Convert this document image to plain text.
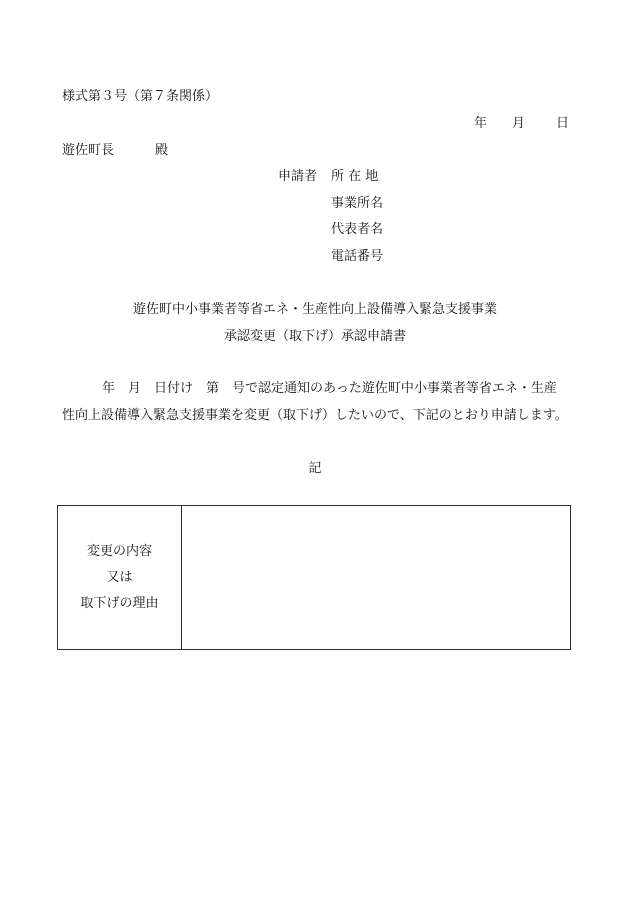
様式第３号（第７条関係）
年 月 日
遊佐町長	殿
申請者 所 在 地
事業所名
代表者名
電話番号
遊佐町中小事業者等省エネ・生産性向上設備導入緊急支援事業
承認変更（取下げ）承認申請書
年　月　日付け　第　号で認定通知のあった遊佐町中小事業者等省エネ・生産
性向上設備導入緊急支援事業を変更（取下げ）したいので、下記のとおり申請します。
記
変更の内容
又は
取下げの理由
